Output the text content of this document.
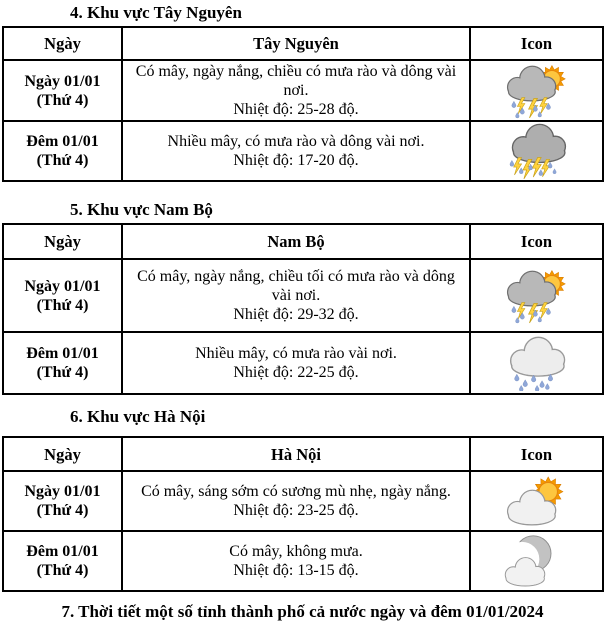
4. Khu vực Tây Nguyên
Ngày	Tây Nguyên	Icon

Ngày 01/01
(Thứ 4)	Có mây, ngày nắng, chiều có mưa rào và dông vài nơi.
Nhiệt độ: 25-28 độ.

Đêm 01/01
(Thứ 4)	Nhiều mây, có mưa rào và dông vài nơi.
Nhiệt độ: 17-20 độ.

5. Khu vực Nam Bộ
Ngày	Nam Bộ	Icon

Ngày 01/01
(Thứ 4)	Có mây, ngày nắng, chiều tối có mưa rào và dông vài nơi.
Nhiệt độ: 29-32 độ.

Đêm 01/01
(Thứ 4)	Nhiều mây, có mưa rào vài nơi.
Nhiệt độ: 22-25 độ.

6. Khu vực Hà Nội
Ngày	Hà Nội	Icon

Ngày 01/01
(Thứ 4)	Có mây, sáng sớm có sương mù nhẹ, ngày nắng.
Nhiệt độ: 23-25 độ.

Đêm 01/01
(Thứ 4)	Có mây, không mưa.
Nhiệt độ: 13-15 độ.

7. Thời tiết một số tỉnh thành phố cả nước ngày và đêm 01/01/2024
